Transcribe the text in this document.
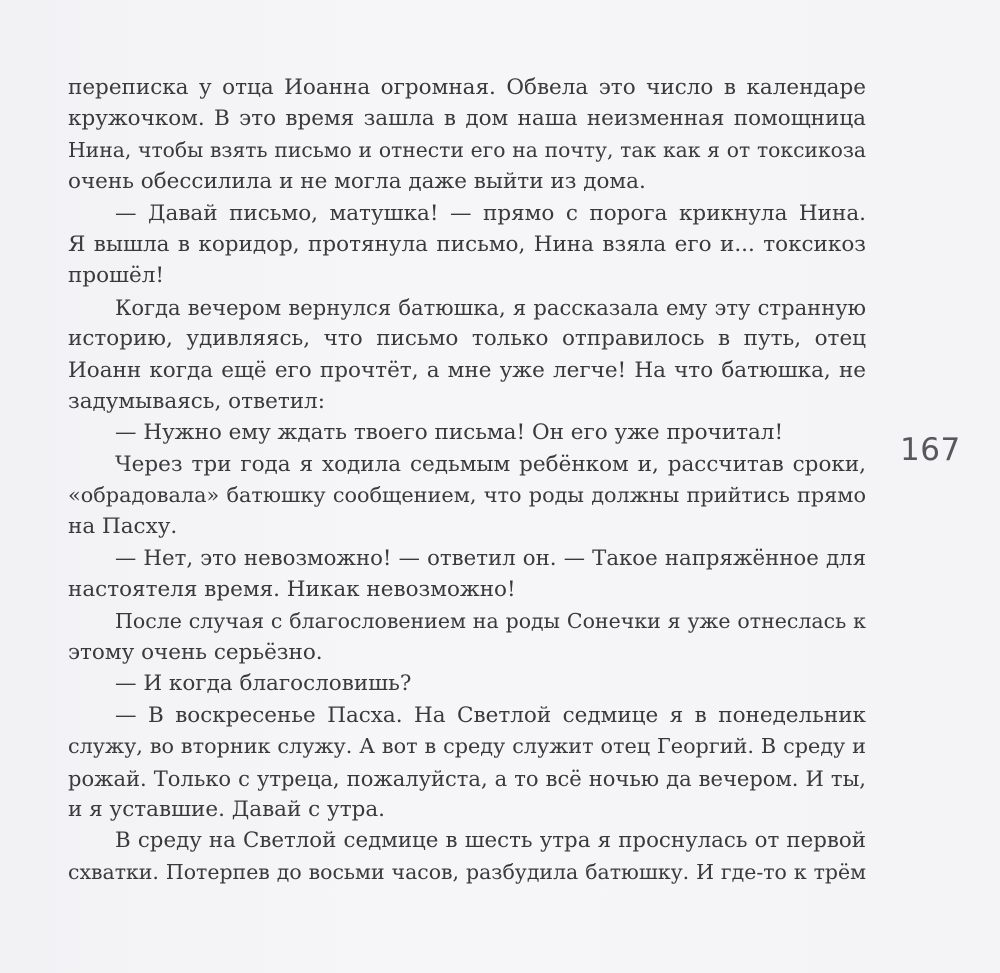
переписка у отца Иоанна огромная. Обвела это число в календаре
кружочком. В это время зашла в дом наша неизменная помощница
Нина, чтобы взять письмо и отнести его на почту, так как я от токсикоза
очень обессилила и не могла даже выйти из дома.
— Давай письмо, матушка! — прямо с порога крикнула Нина.
Я вышла в коридор, протянула письмо, Нина взяла его и... токсикоз
прошёл!
Когда вечером вернулся батюшка, я рассказала ему эту странную
историю, удивляясь, что письмо только отправилось в путь, отец
Иоанн когда ещё его прочтёт, а мне уже легче! На что батюшка, не
задумываясь, ответил:
— Нужно ему ждать твоего письма! Он его уже прочитал!
Через три года я ходила седьмым ребёнком и, рассчитав сроки,
«обрадовала» батюшку сообщением, что роды должны прийтись прямо
на Пасху.
— Нет, это невозможно! — ответил он. — Такое напряжённое для
настоятеля время. Никак невозможно!
После случая с благословением на роды Сонечки я уже отнеслась к
этому очень серьёзно.
— И когда благословишь?
— В воскресенье Пасха. На Светлой седмице я в понедельник
служу, во вторник служу. А вот в среду служит отец Георгий. В среду и
рожай. Только с утреца, пожалуйста, а то всё ночью да вечером. И ты,
и я уставшие. Давай с утра.
В среду на Светлой седмице в шесть утра я проснулась от первой
схватки. Потерпев до восьми часов, разбудила батюшку. И где-то к трём
167
